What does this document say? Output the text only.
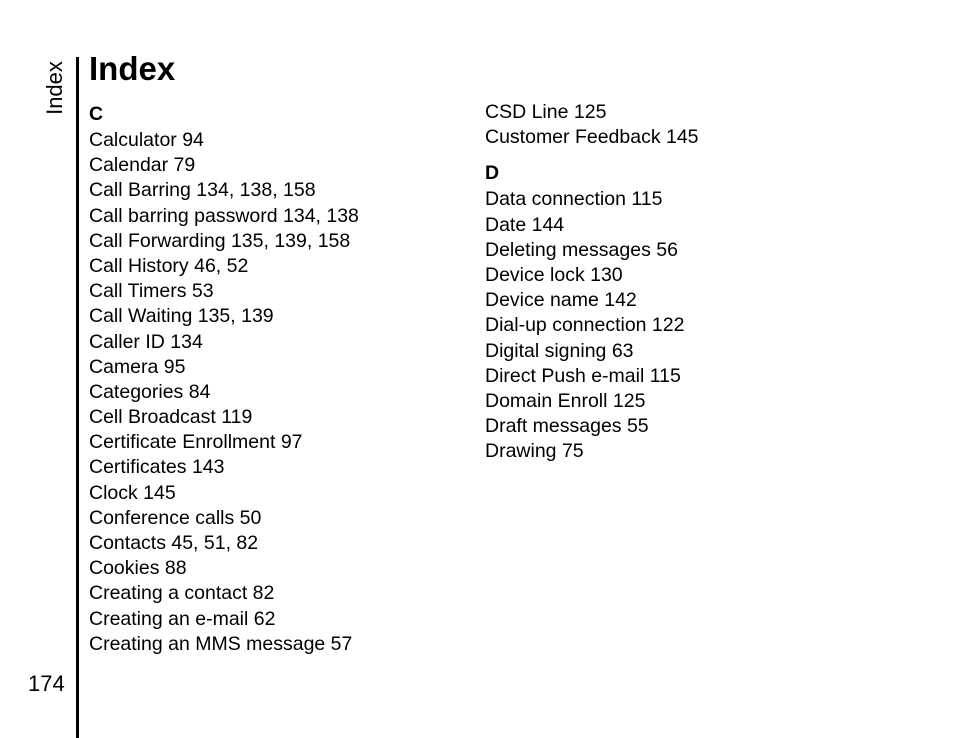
Index
174
Index
C
Calculator 94
Calendar 79
Call Barring 134, 138, 158
Call barring password 134, 138
Call Forwarding 135, 139, 158
Call History 46, 52
Call Timers 53
Call Waiting 135, 139
Caller ID 134
Camera 95
Categories 84
Cell Broadcast 119
Certificate Enrollment 97
Certificates 143
Clock 145
Conference calls 50
Contacts 45, 51, 82
Cookies 88
Creating a contact 82
Creating an e-mail 62
Creating an MMS message 57
CSD Line 125
Customer Feedback 145
D
Data connection 115
Date 144
Deleting messages 56
Device lock 130
Device name 142
Dial-up connection 122
Digital signing 63
Direct Push e-mail 115
Domain Enroll 125
Draft messages 55
Drawing 75
